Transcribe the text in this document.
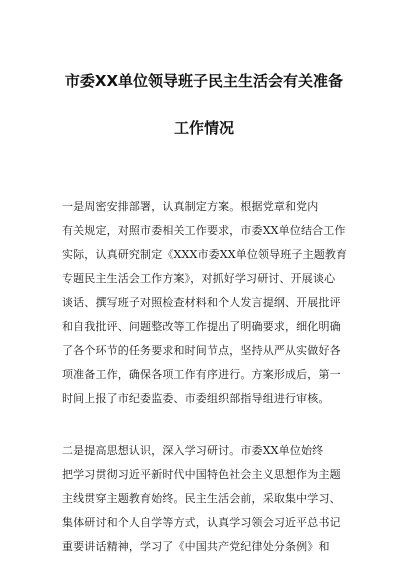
市委XX单位领导班子民主生活会有关准备
工作情况
一是周密安排部署，认真制定方案。根据党章和党内
有关规定，对照市委相关工作要求，市委XX单位结合工作
实际，认真研究制定《XXX市委XX单位领导班子主题教育
专题民主生活会工作方案》，对抓好学习研讨、开展谈心
谈话、撰写班子对照检查材料和个人发言提纲、开展批评
和自我批评、问题整改等工作提出了明确要求，细化明确
了各个环节的任务要求和时间节点，坚持从严从实做好各
项准备工作，确保各项工作有序进行。方案形成后，第一
时间上报了市纪委监委、市委组织部指导组进行审核。
二是提高思想认识，深入学习研讨。市委XX单位始终
把学习贯彻习近平新时代中国特色社会主义思想作为主题
主线贯穿主题教育始终。民主生活会前，采取集中学习、
集体研讨和个人自学等方式，认真学习领会习近平总书记
重要讲话精神，学习了《中国共产党纪律处分条例》和
